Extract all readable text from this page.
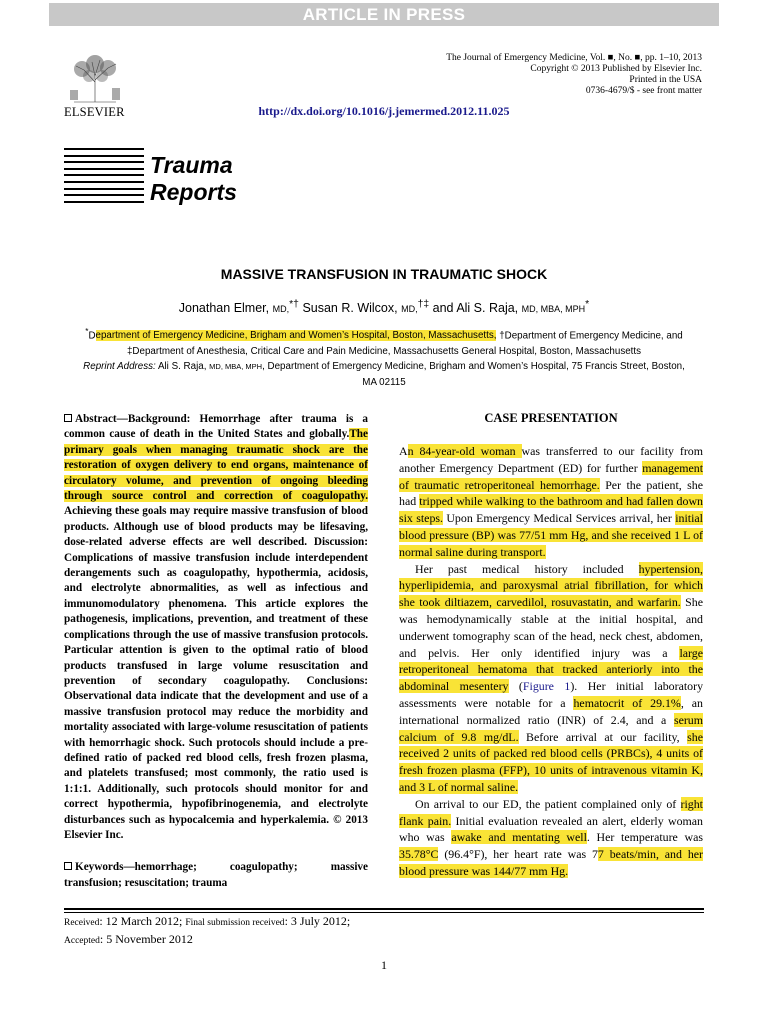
ARTICLE IN PRESS
ELSEVIER
The Journal of Emergency Medicine, Vol. ■, No. ■, pp. 1–10, 2013
Copyright © 2013 Published by Elsevier Inc.
Printed in the USA
0736-4679/$ - see front matter
http://dx.doi.org/10.1016/j.jemermed.2012.11.025
Trauma
Reports
MASSIVE TRANSFUSION IN TRAUMATIC SHOCK
Jonathan Elmer, MD,*† Susan R. Wilcox, MD,†‡ and Ali S. Raja, MD, MBA, MPH*
*Department of Emergency Medicine, Brigham and Women’s Hospital, Boston, Massachusetts, †Department of Emergency Medicine, and
‡Department of Anesthesia, Critical Care and Pain Medicine, Massachusetts General Hospital, Boston, Massachusetts
Reprint Address: Ali S. Raja, MD, MBA, MPH, Department of Emergency Medicine, Brigham and Women’s Hospital, 75 Francis Street, Boston,
MA 02115

Abstract—Background: Hemorrhage after trauma is a common cause of death in the United States and globally.The primary goals when managing traumatic shock are the restoration of oxygen delivery to end organs, maintenance of circulatory volume, and prevention of ongoing bleeding through source control and correction of coagulopathy. Achieving these goals may require massive transfusion of blood products. Although use of blood products may be lifesaving, dose-related adverse effects are well described. Discussion: Complications of massive transfusion include interdependent derangements such as coagulopathy, hypothermia, acidosis, and electrolyte abnormalities, as well as infectious and immunomodulatory phenomena. This article explores the pathogenesis, implications, prevention, and treatment of these complications through the use of massive transfusion protocols. Particular attention is given to the optimal ratio of blood products transfused in large volume resuscitation and prevention of secondary coagulopathy. Conclusions: Observational data indicate that the development and use of a massive transfusion protocol may reduce the morbidity and mortality associated with large-volume resuscitation of patients with hemorrhagic shock. Such protocols should include a pre-defined ratio of packed red blood cells, fresh frozen plasma, and platelets transfused; most commonly, the ratio used is 1:1:1. Additionally, such protocols should monitor for and correct hypothermia, hypofibrinogenemia, and electrolyte disturbances such as hypocalcemia and hyperkalemia. © 2013 Elsevier Inc.

Keywords—hemorrhage; coagulopathy; massive transfusion; resuscitation; trauma

CASE PRESENTATION

An 84-year-old woman was transferred to our facility from another Emergency Department (ED) for further management of traumatic retroperitoneal hemorrhage. Per the patient, she had tripped while walking to the bathroom and had fallen down six steps. Upon Emergency Medical Services arrival, her initial blood pressure (BP) was 77/51 mm Hg, and she received 1 L of normal saline during transport.

Her past medical history included hypertension, hyperlipidemia, and paroxysmal atrial fibrillation, for which she took diltiazem, carvedilol, rosuvastatin, and warfarin. She was hemodynamically stable at the initial hospital, and underwent tomography scan of the head, neck chest, abdomen, and pelvis. Her only identified injury was a large retroperitoneal hematoma that tracked anteriorly into the abdominal mesentery (Figure 1). Her initial laboratory assessments were notable for a hematocrit of 29.1%, an international normalized ratio (INR) of 2.4, and a serum calcium of 9.8 mg/dL. Before arrival at our facility, she received 2 units of packed red blood cells (PRBCs), 4 units of fresh frozen plasma (FFP), 10 units of intravenous vitamin K, and 3 L of normal saline.

On arrival to our ED, the patient complained only of right flank pain. Initial evaluation revealed an alert, elderly woman who was awake and mentating well. Her temperature was 35.78°C (96.4°F), her heart rate was 77 beats/min, and her blood pressure was 144/77 mm Hg.

Received: 12 March 2012; Final submission received: 3 July 2012;
Accepted: 5 November 2012
1
